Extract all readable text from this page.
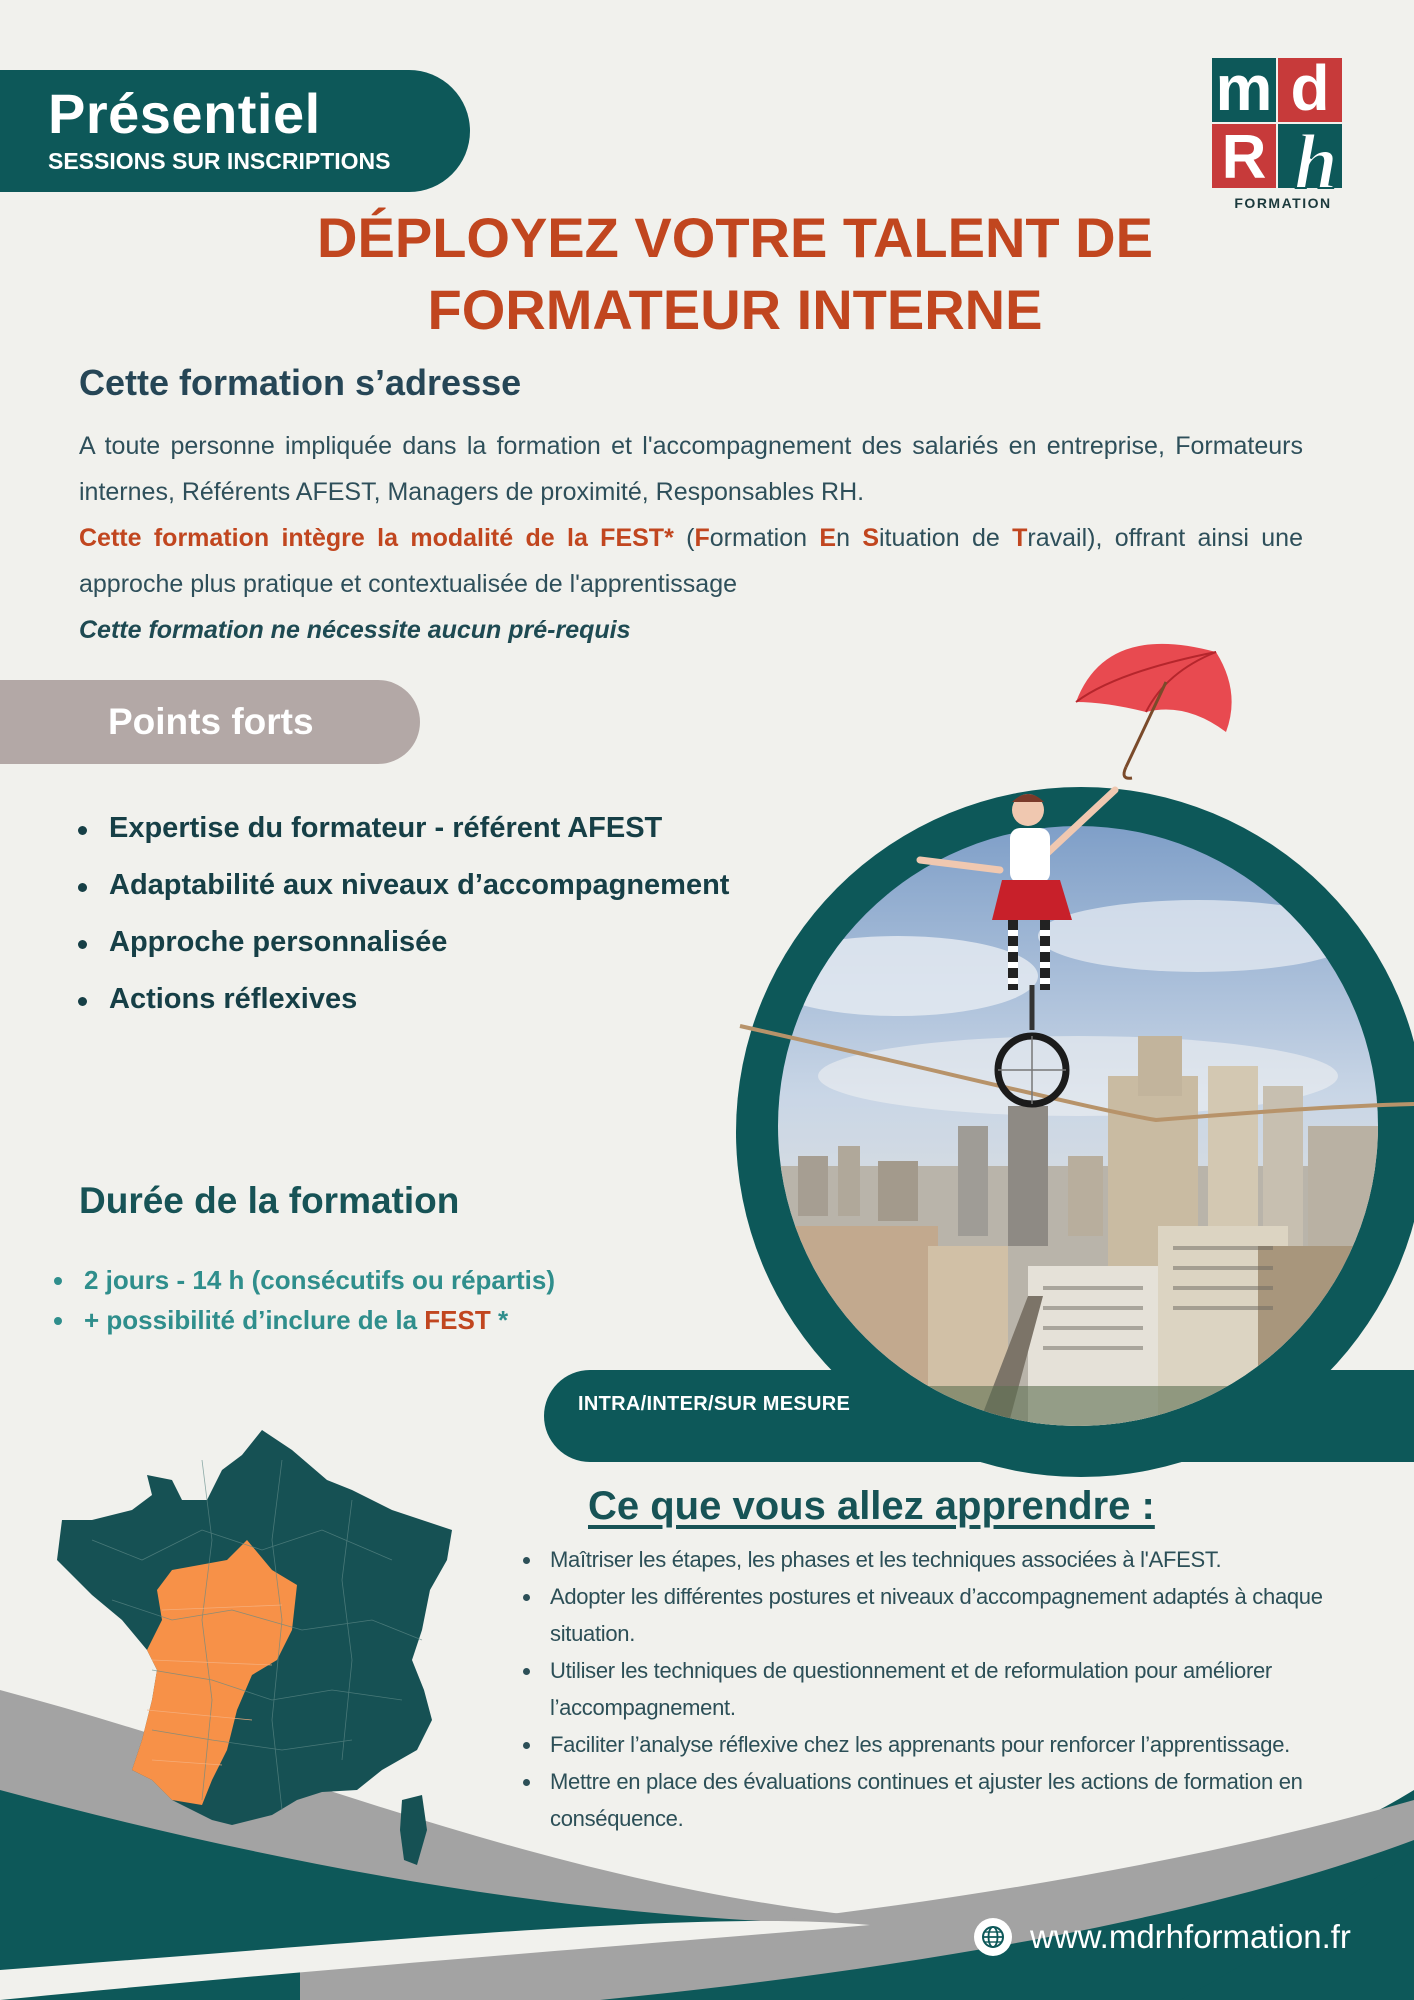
Présentiel
SESSIONS SUR INSCRIPTIONS
m d
R h
FORMATION
DÉPLOYEZ VOTRE TALENT DE
FORMATEUR INTERNE
Cette formation s’adresse
A toute personne impliquée dans la formation et l'accompagnement des salariés en entreprise, Formateurs internes, Référents AFEST, Managers de proximité, Responsables RH.
Cette formation intègre la modalité de la FEST* (Formation En Situation de Travail), offrant ainsi une approche plus pratique et contextualisée de l'apprentissage
Cette formation ne nécessite aucun pré-requis
Points forts
Expertise du formateur - référent AFEST
Adaptabilité aux niveaux d’accompagnement
Approche personnalisée
Actions réflexives
Durée de la formation
2 jours - 14 h (consécutifs ou répartis)
+ possibilité d’inclure de la FEST *
INTRA/INTER/SUR MESURE
Ce que vous allez apprendre :
Maîtriser les étapes, les phases et les techniques associées à l'AFEST.
Adopter les différentes postures et niveaux d’accompagnement adaptés à chaque situation.
Utiliser les techniques de questionnement et de reformulation pour améliorer l’accompagnement.
Faciliter l’analyse réflexive chez les apprenants pour renforcer l’apprentissage.
Mettre en place des évaluations continues et ajuster les actions de formation en conséquence.
www.mdrhformation.fr
